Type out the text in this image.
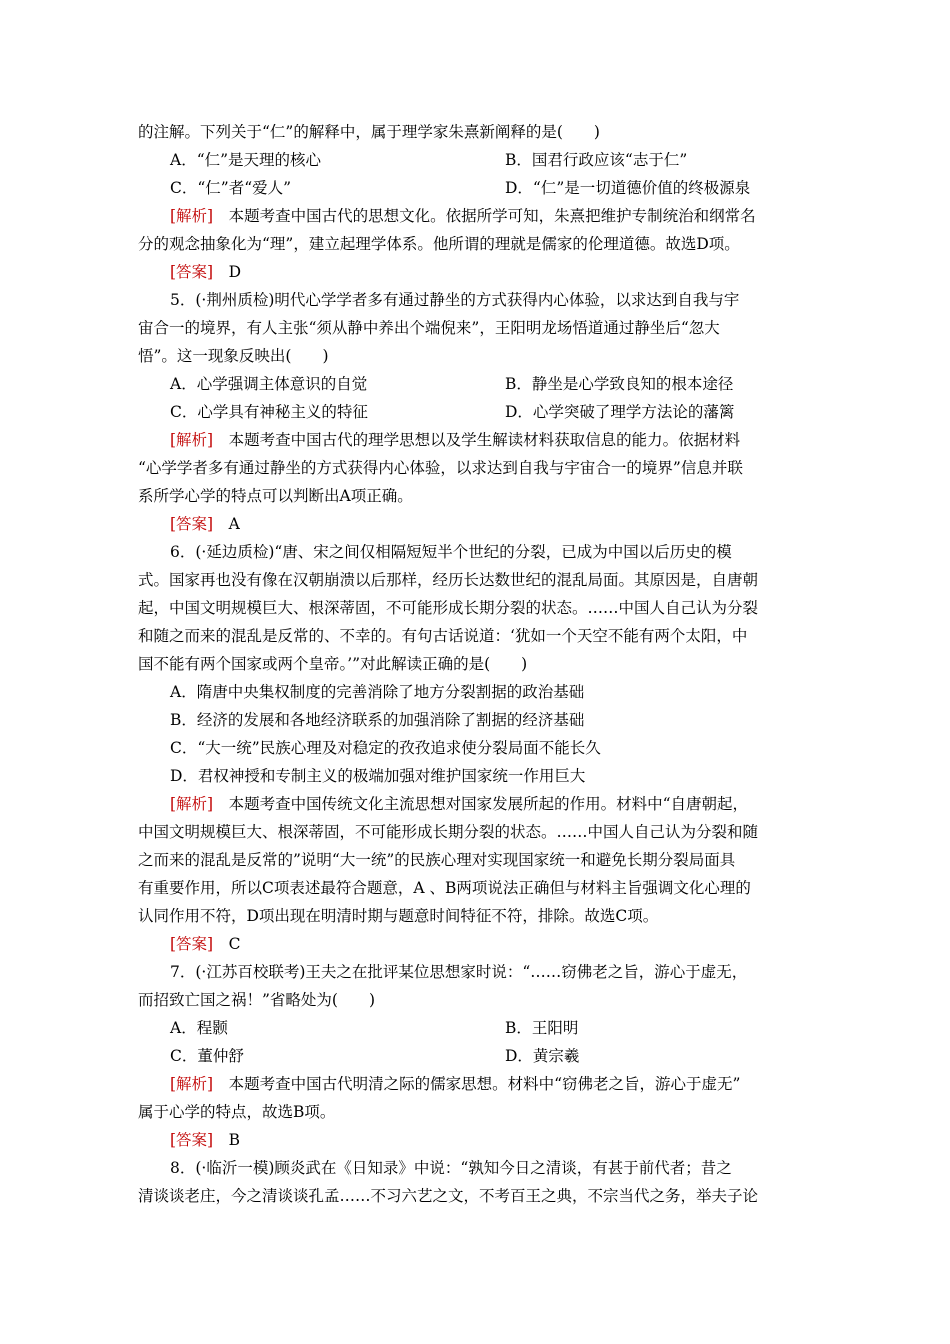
的注解。下列关于“仁”的解释中，属于理学家朱熹新阐释的是(　　)
A．“仁”是天理的核心	B．国君行政应该“志于仁”
C．“仁”者“爱人”	D．“仁”是一切道德价值的终极源泉
[解析]　本题考查中国古代的思想文化。依据所学可知，朱熹把维护专制统治和纲常名
分的观念抽象化为“理”，建立起理学体系。他所谓的理就是儒家的伦理道德。故选D项。
[答案]　D
5．(·荆州质检)明代心学学者多有通过静坐的方式获得内心体验，以求达到自我与宇
宙合一的境界，有人主张“须从静中养出个端倪来”，王阳明龙场悟道通过静坐后“忽大
悟”。这一现象反映出(　　)
A．心学强调主体意识的自觉	B．静坐是心学致良知的根本途径
C．心学具有神秘主义的特征	D．心学突破了理学方法论的藩篱
[解析]　本题考查中国古代的理学思想以及学生解读材料获取信息的能力。依据材料
“心学学者多有通过静坐的方式获得内心体验，以求达到自我与宇宙合一的境界”信息并联
系所学心学的特点可以判断出A项正确。
[答案]　A
6．(·延边质检)“唐、宋之间仅相隔短短半个世纪的分裂，已成为中国以后历史的模
式。国家再也没有像在汉朝崩溃以后那样，经历长达数世纪的混乱局面。其原因是，自唐朝
起，中国文明规模巨大、根深蒂固，不可能形成长期分裂的状态。……中国人自己认为分裂
和随之而来的混乱是反常的、不幸的。有句古话说道：‘犹如一个天空不能有两个太阳，中
国不能有两个国家或两个皇帝。’”对此解读正确的是(　　)
A．隋唐中央集权制度的完善消除了地方分裂割据的政治基础
B．经济的发展和各地经济联系的加强消除了割据的经济基础
C．“大一统”民族心理及对稳定的孜孜追求使分裂局面不能长久
D．君权神授和专制主义的极端加强对维护国家统一作用巨大
[解析]　本题考查中国传统文化主流思想对国家发展所起的作用。材料中“自唐朝起，
中国文明规模巨大、根深蒂固，不可能形成长期分裂的状态。……中国人自己认为分裂和随
之而来的混乱是反常的”说明“大一统”的民族心理对实现国家统一和避免长期分裂局面具
有重要作用，所以C项表述最符合题意，A 、B两项说法正确但与材料主旨强调文化心理的
认同作用不符，D项出现在明清时期与题意时间特征不符，排除。故选C项。
[答案]　C
7．(·江苏百校联考)王夫之在批评某位思想家时说：“……窃佛老之旨，游心于虚无，
而招致亡国之祸！”省略处为(　　)
A．程颢	B．王阳明
C．董仲舒	D．黄宗羲
[解析]　本题考查中国古代明清之际的儒家思想。材料中“窃佛老之旨，游心于虚无”
属于心学的特点，故选B项。
[答案]　B
8．(·临沂一模)顾炎武在《日知录》中说：“孰知今日之清谈，有甚于前代者；昔之
清谈谈老庄，今之清谈谈孔孟……不习六艺之文，不考百王之典，不宗当代之务，举夫子论
